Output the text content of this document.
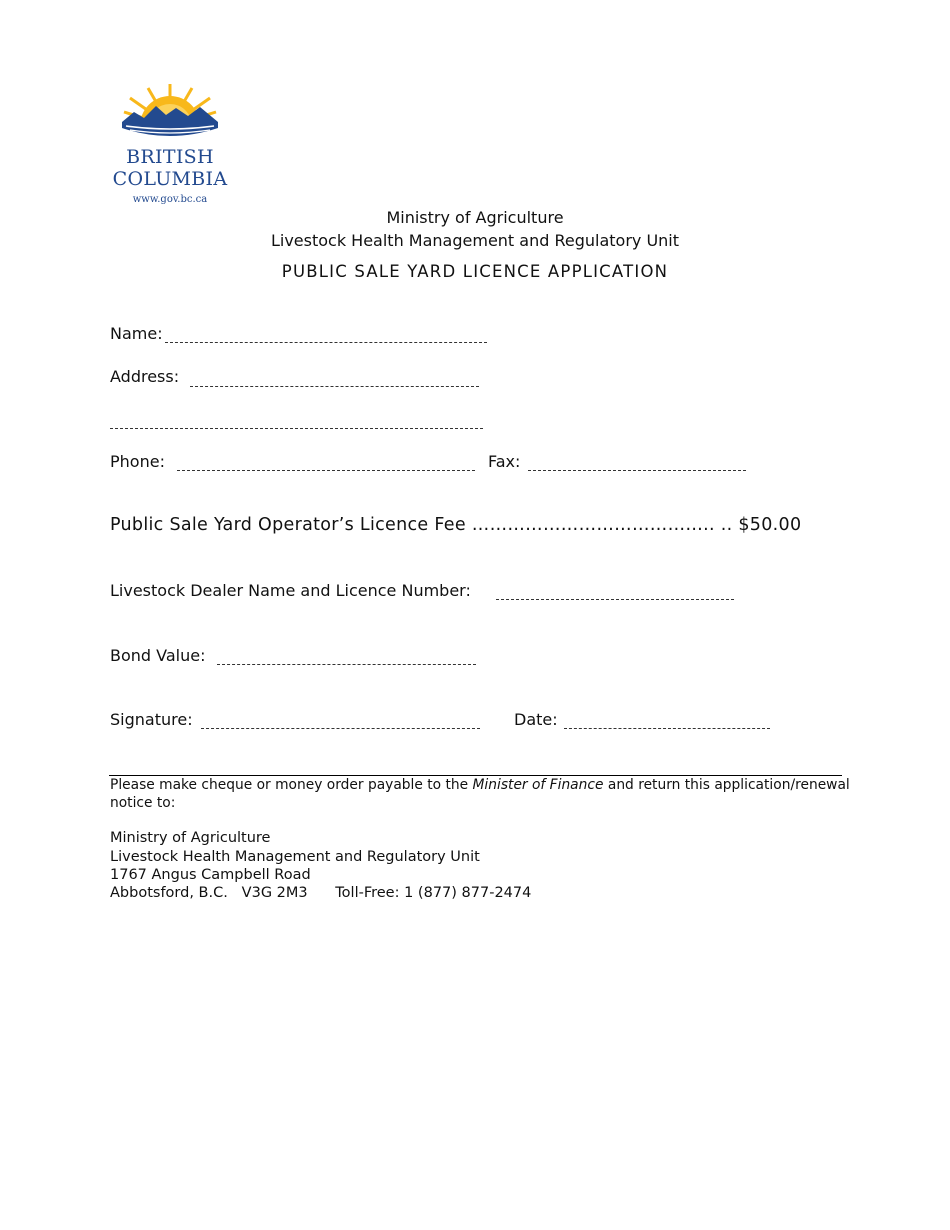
BRITISH
COLUMBIA
www.gov.bc.ca
Ministry of Agriculture
Livestock Health Management and Regulatory Unit
PUBLIC SALE YARD LICENCE APPLICATION
Name:
Address:
Phone:	Fax:
Public Sale Yard Operator’s Licence Fee ………………………………….. .. $50.00
Livestock Dealer Name and Licence Number:
Bond Value:
Signature:	Date:
Please make cheque or money order payable to the Minister of Finance and return this application/renewal
notice to:
Ministry of Agriculture
Livestock Health Management and Regulatory Unit
1767 Angus Campbell Road
Abbotsford, B.C. V3G 2M3 Toll-Free: 1 (877) 877-2474
